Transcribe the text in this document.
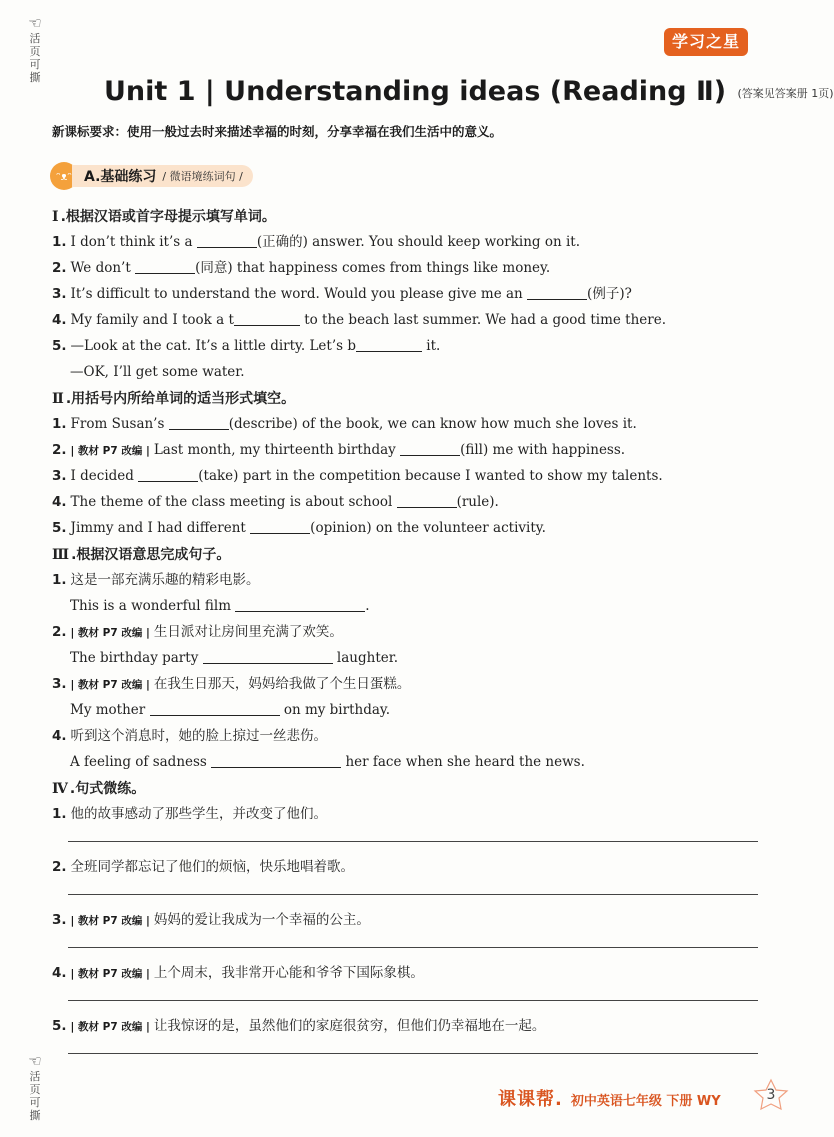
☜
活
页
可
撕
☜
活
页
可
撕
学习之星
Unit 1 | Understanding ideas (Reading Ⅱ) (答案见答案册 1页)
新课标要求：使用一般过去时来描述幸福的时刻，分享幸福在我们生活中的意义。
ᵔᴥᵔ A.基础练习 / 微语境练词句 /
Ⅰ .根据汉语或首字母提示填写单词。
1. I don’t think it’s a	(正确的) answer. You should keep working on it.
2. We don’t	(同意) that happiness comes from things like money.
3. It’s difficult to understand the word. Would you please give me an	(例子)?
4. My family and I took a t	to the beach last summer. We had a good time there.
5. —Look at the cat. It’s a little dirty. Let’s b	it.
—OK, I’ll get some water.
Ⅱ .用括号内所给单词的适当形式填空。
1. From Susan’s	(describe) of the book, we can know how much she loves it.
2. | 教材 P7 改编 | Last month, my thirteenth birthday	(fill) me with happiness.
3. I decided	(take) part in the competition because I wanted to show my talents.
4. The theme of the class meeting is about school	(rule).
5. Jimmy and I had different	(opinion) on the volunteer activity.
Ⅲ .根据汉语意思完成句子。
1. 这是一部充满乐趣的精彩电影。
This is a wonderful film	.
2. | 教材 P7 改编 | 生日派对让房间里充满了欢笑。
The birthday party	laughter.
3. | 教材 P7 改编 | 在我生日那天，妈妈给我做了个生日蛋糕。
My mother	on my birthday.
4. 听到这个消息时，她的脸上掠过一丝悲伤。
A feeling of sadness	her face when she heard the news.
Ⅳ .句式微练。
1. 他的故事感动了那些学生，并改变了他们。
2. 全班同学都忘记了他们的烦恼，快乐地唱着歌。
3. | 教材 P7 改编 | 妈妈的爱让我成为一个幸福的公主。
4. | 教材 P7 改编 | 上个周末，我非常开心能和爷爷下国际象棋。
5. | 教材 P7 改编 | 让我惊讶的是，虽然他们的家庭很贫穷，但他们仍幸福地在一起。
课课帮. 初中英语七年级 下册 WY	3
